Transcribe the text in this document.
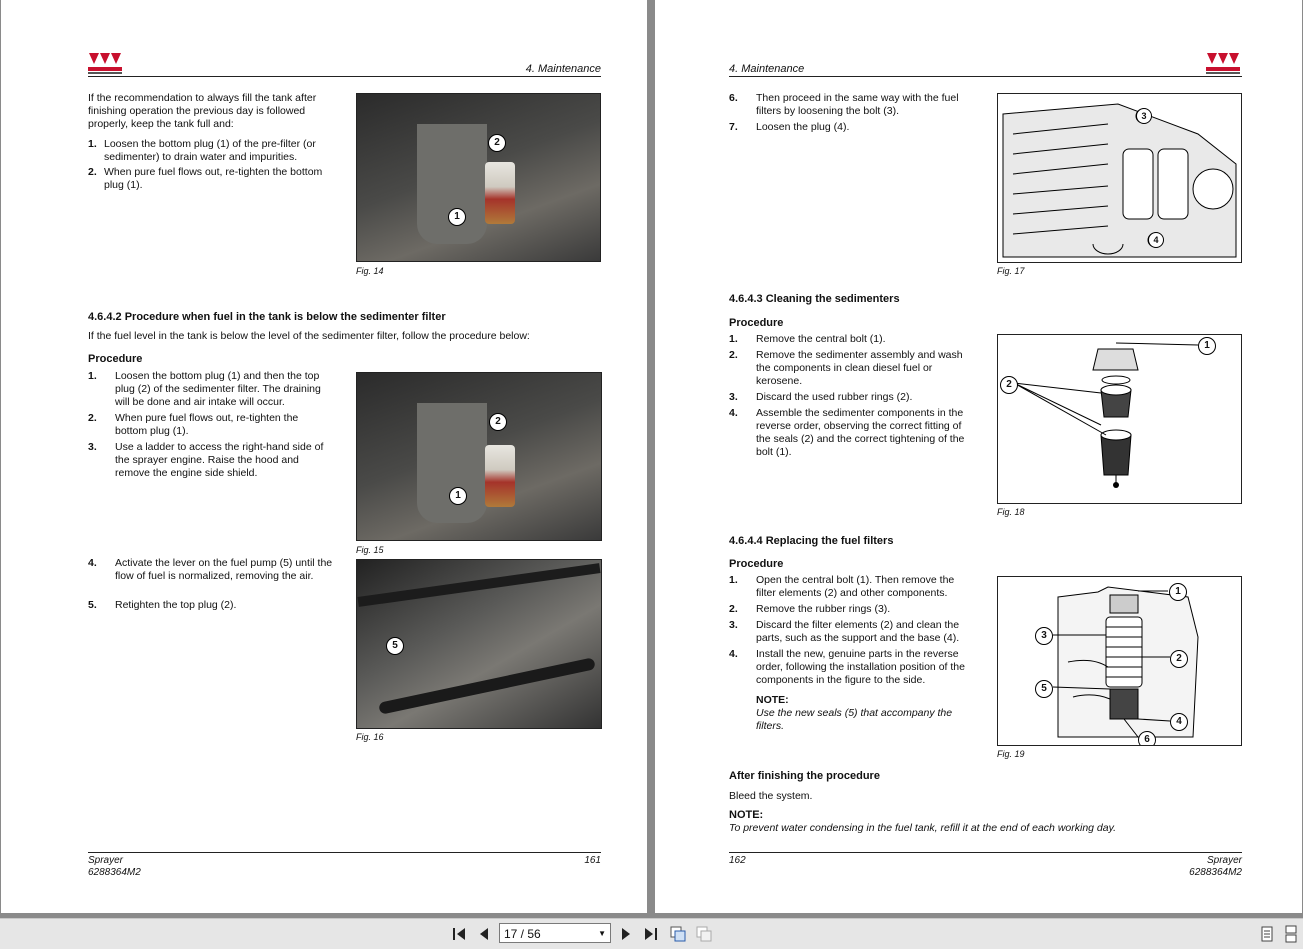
4. Maintenance
If the recommendation to always fill the tank after finishing operation the previous day is followed properly, keep the tank full and:
1. Loosen the bottom plug (1) of the pre-filter (or sedimenter) to drain water and impurities.
2. When pure fuel flows out, re-tighten the bottom plug (1).
2
1
Fig. 14
4.6.4.2 Procedure when fuel in the tank is below the sedimenter filter
If the fuel level in the tank is below the level of the sedimenter filter, follow the procedure below:
Procedure
1. Loosen the bottom plug (1) and then the top plug (2) of the sedimenter filter. The draining will be done and air intake will occur.
2. When pure fuel flows out, re-tighten the bottom plug (1).
3. Use a ladder to access the right-hand side of the sprayer engine. Raise the hood and remove the engine side shield.
2
1
Fig. 15
4. Activate the lever on the fuel pump (5) until the flow of fuel is normalized, removing the air.
5. Retighten the top plug (2).
5
Fig. 16
Sprayer
6288364M2
161
4. Maintenance
6. Then proceed in the same way with the fuel filters by loosening the bolt (3).
7. Loosen the plug (4).
3
4
Fig. 17
4.6.4.3 Cleaning the sedimenters
Procedure
1. Remove the central bolt (1).
2. Remove the sedimenter assembly and wash the components in clean diesel fuel or kerosene.
3. Discard the used rubber rings (2).
4. Assemble the sedimenter components in the reverse order, observing the correct fitting of the seals (2) and the correct tightening of the bolt (1).
1
2
Fig. 18
4.6.4.4 Replacing the fuel filters
Procedure
1. Open the central bolt (1). Then remove the filter elements (2) and other components.
2. Remove the rubber rings (3).
3. Discard the filter elements (2) and clean the parts, such as the support and the base (4).
4. Install the new, genuine parts in the reverse order, following the installation position of the components in the figure to the side.
NOTE:
Use the new seals (5) that accompany the filters.
1
3
2
5
4
6
Fig. 19
After finishing the procedure
Bleed the system.
NOTE:
To prevent water condensing in the fuel tank, refill it at the end of each working day.
162	Sprayer
6288364M2
17 / 56	▼
